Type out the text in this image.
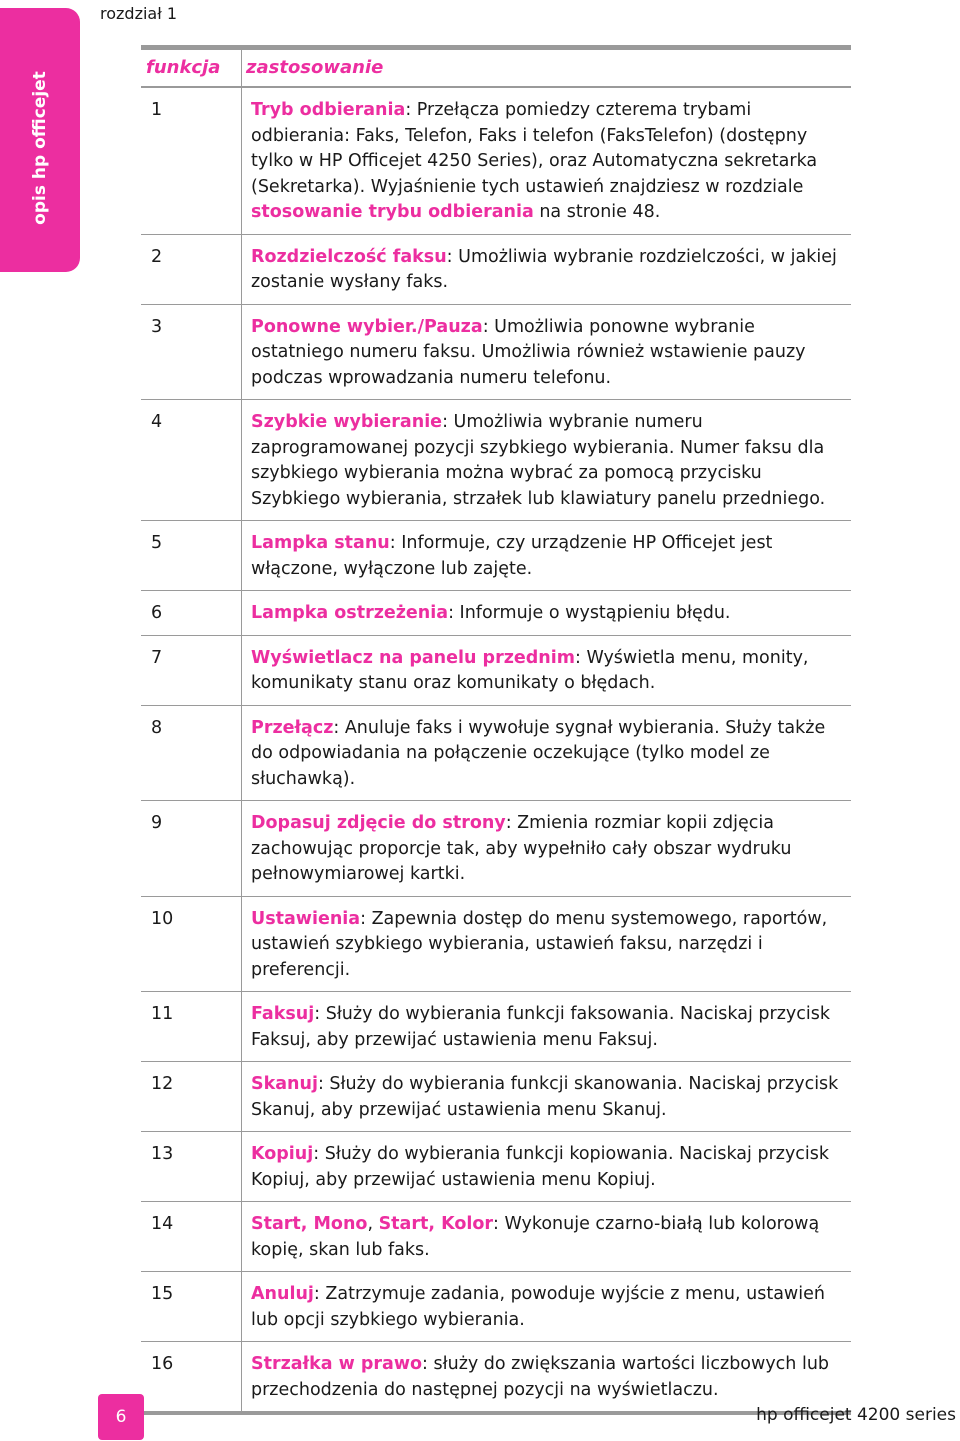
opis hp officejet
rozdział 1
funkcja zastosowanie
1	Tryb odbierania: Przełącza pomiedzy czterema trybami odbierania: Faks, Telefon, Faks i telefon (FaksTelefon) (dostępny tylko w HP Officejet 4250 Series), oraz Automatyczna sekretarka (Sekretarka). Wyjaśnienie tych ustawień znajdziesz w rozdziale stosowanie trybu odbierania na stronie 48.
2	Rozdzielczość faksu: Umożliwia wybranie rozdzielczości, w jakiej zostanie wysłany faks.
3	Ponowne wybier./Pauza: Umożliwia ponowne wybranie ostatniego numeru faksu. Umożliwia również wstawienie pauzy podczas wprowadzania numeru telefonu.
4	Szybkie wybieranie: Umożliwia wybranie numeru zaprogramowanej pozycji szybkiego wybierania. Numer faksu dla szybkiego wybierania można wybrać za pomocą przycisku Szybkiego wybierania, strzałek lub klawiatury panelu przedniego.
5	Lampka stanu: Informuje, czy urządzenie HP Officejet jest włączone, wyłączone lub zajęte.
6	Lampka ostrzeżenia: Informuje o wystąpieniu błędu.
7	Wyświetlacz na panelu przednim: Wyświetla menu, monity, komunikaty stanu oraz komunikaty o błędach.
8	Przełącz: Anuluje faks i wywołuje sygnał wybierania. Służy także do odpowiadania na połączenie oczekujące (tylko model ze słuchawką).
9	Dopasuj zdjęcie do strony: Zmienia rozmiar kopii zdjęcia zachowując proporcje tak, aby wypełniło cały obszar wydruku pełnowymiarowej kartki.
10	Ustawienia: Zapewnia dostęp do menu systemowego, raportów, ustawień szybkiego wybierania, ustawień faksu, narzędzi i preferencji.
11	Faksuj: Służy do wybierania funkcji faksowania. Naciskaj przycisk Faksuj, aby przewijać ustawienia menu Faksuj.
12	Skanuj: Służy do wybierania funkcji skanowania. Naciskaj przycisk Skanuj, aby przewijać ustawienia menu Skanuj.
13	Kopiuj: Służy do wybierania funkcji kopiowania. Naciskaj przycisk Kopiuj, aby przewijać ustawienia menu Kopiuj.
14	Start, Mono, Start, Kolor: Wykonuje czarno-białą lub kolorową kopię, skan lub faks.
15	Anuluj: Zatrzymuje zadania, powoduje wyjście z menu, ustawień lub opcji szybkiego wybierania.
16	Strzałka w prawo: służy do zwiększania wartości liczbowych lub przechodzenia do następnej pozycji na wyświetlaczu.
6	hp officejet 4200 series
